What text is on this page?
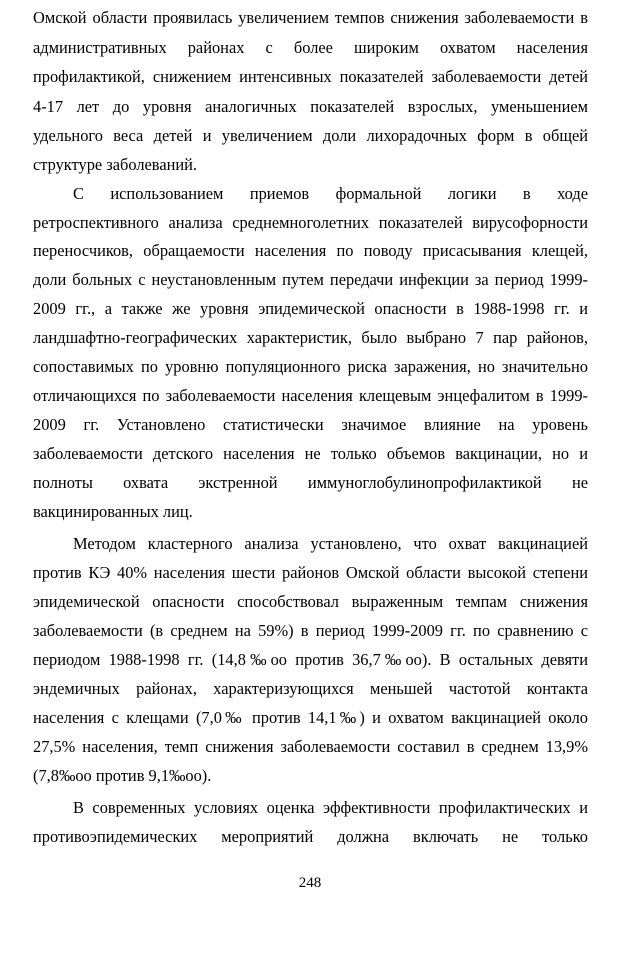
Омской области проявилась увеличением темпов снижения заболеваемости в
административных районах с более широким охватом населения
профилактикой, снижением интенсивных показателей заболеваемости детей
4-17 лет до уровня аналогичных показателей взрослых, уменьшением
удельного веса детей и увеличением доли лихорадочных форм в общей
структуре заболеваний.
С использованием приемов формальной логики в ходе
ретроспективного анализа среднемноголетних показателей вирусофорности
переносчиков, обращаемости населения по поводу присасывания клещей,
доли больных с неустановленным путем передачи инфекции за период 1999-
2009 гг., а также же уровня эпидемической опасности в 1988-1998 гг. и
ландшафтно-географических характеристик, было выбрано 7 пар районов,
сопоставимых по уровню популяционного риска заражения, но значительно
отличающихся по заболеваемости населения клещевым энцефалитом в 1999-
2009 гг. Установлено статистически значимое влияние на уровень
заболеваемости детского населения не только объемов вакцинации, но и
полноты охвата экстренной иммуноглобулинопрофилактикой не
вакцинированных лиц.
Методом кластерного анализа установлено, что охват вакцинацией
против КЭ 40% населения шести районов Омской области высокой степени
эпидемической опасности способствовал выраженным темпам снижения
заболеваемости (в среднем на 59%) в период 1999-2009 гг. по сравнению с
периодом 1988-1998 гг. (14,8‰oo против 36,7‰oo). В остальных девяти
эндемичных районах, характеризующихся меньшей частотой контакта
населения с клещами (7,0‰ против 14,1‰) и охватом вакцинацией около
27,5% населения, темп снижения заболеваемости составил в среднем 13,9%
(7,8‰oo против 9,1‰oo).
В современных условиях оценка эффективности профилактических и
противоэпидемических мероприятий должна включать не только
248
